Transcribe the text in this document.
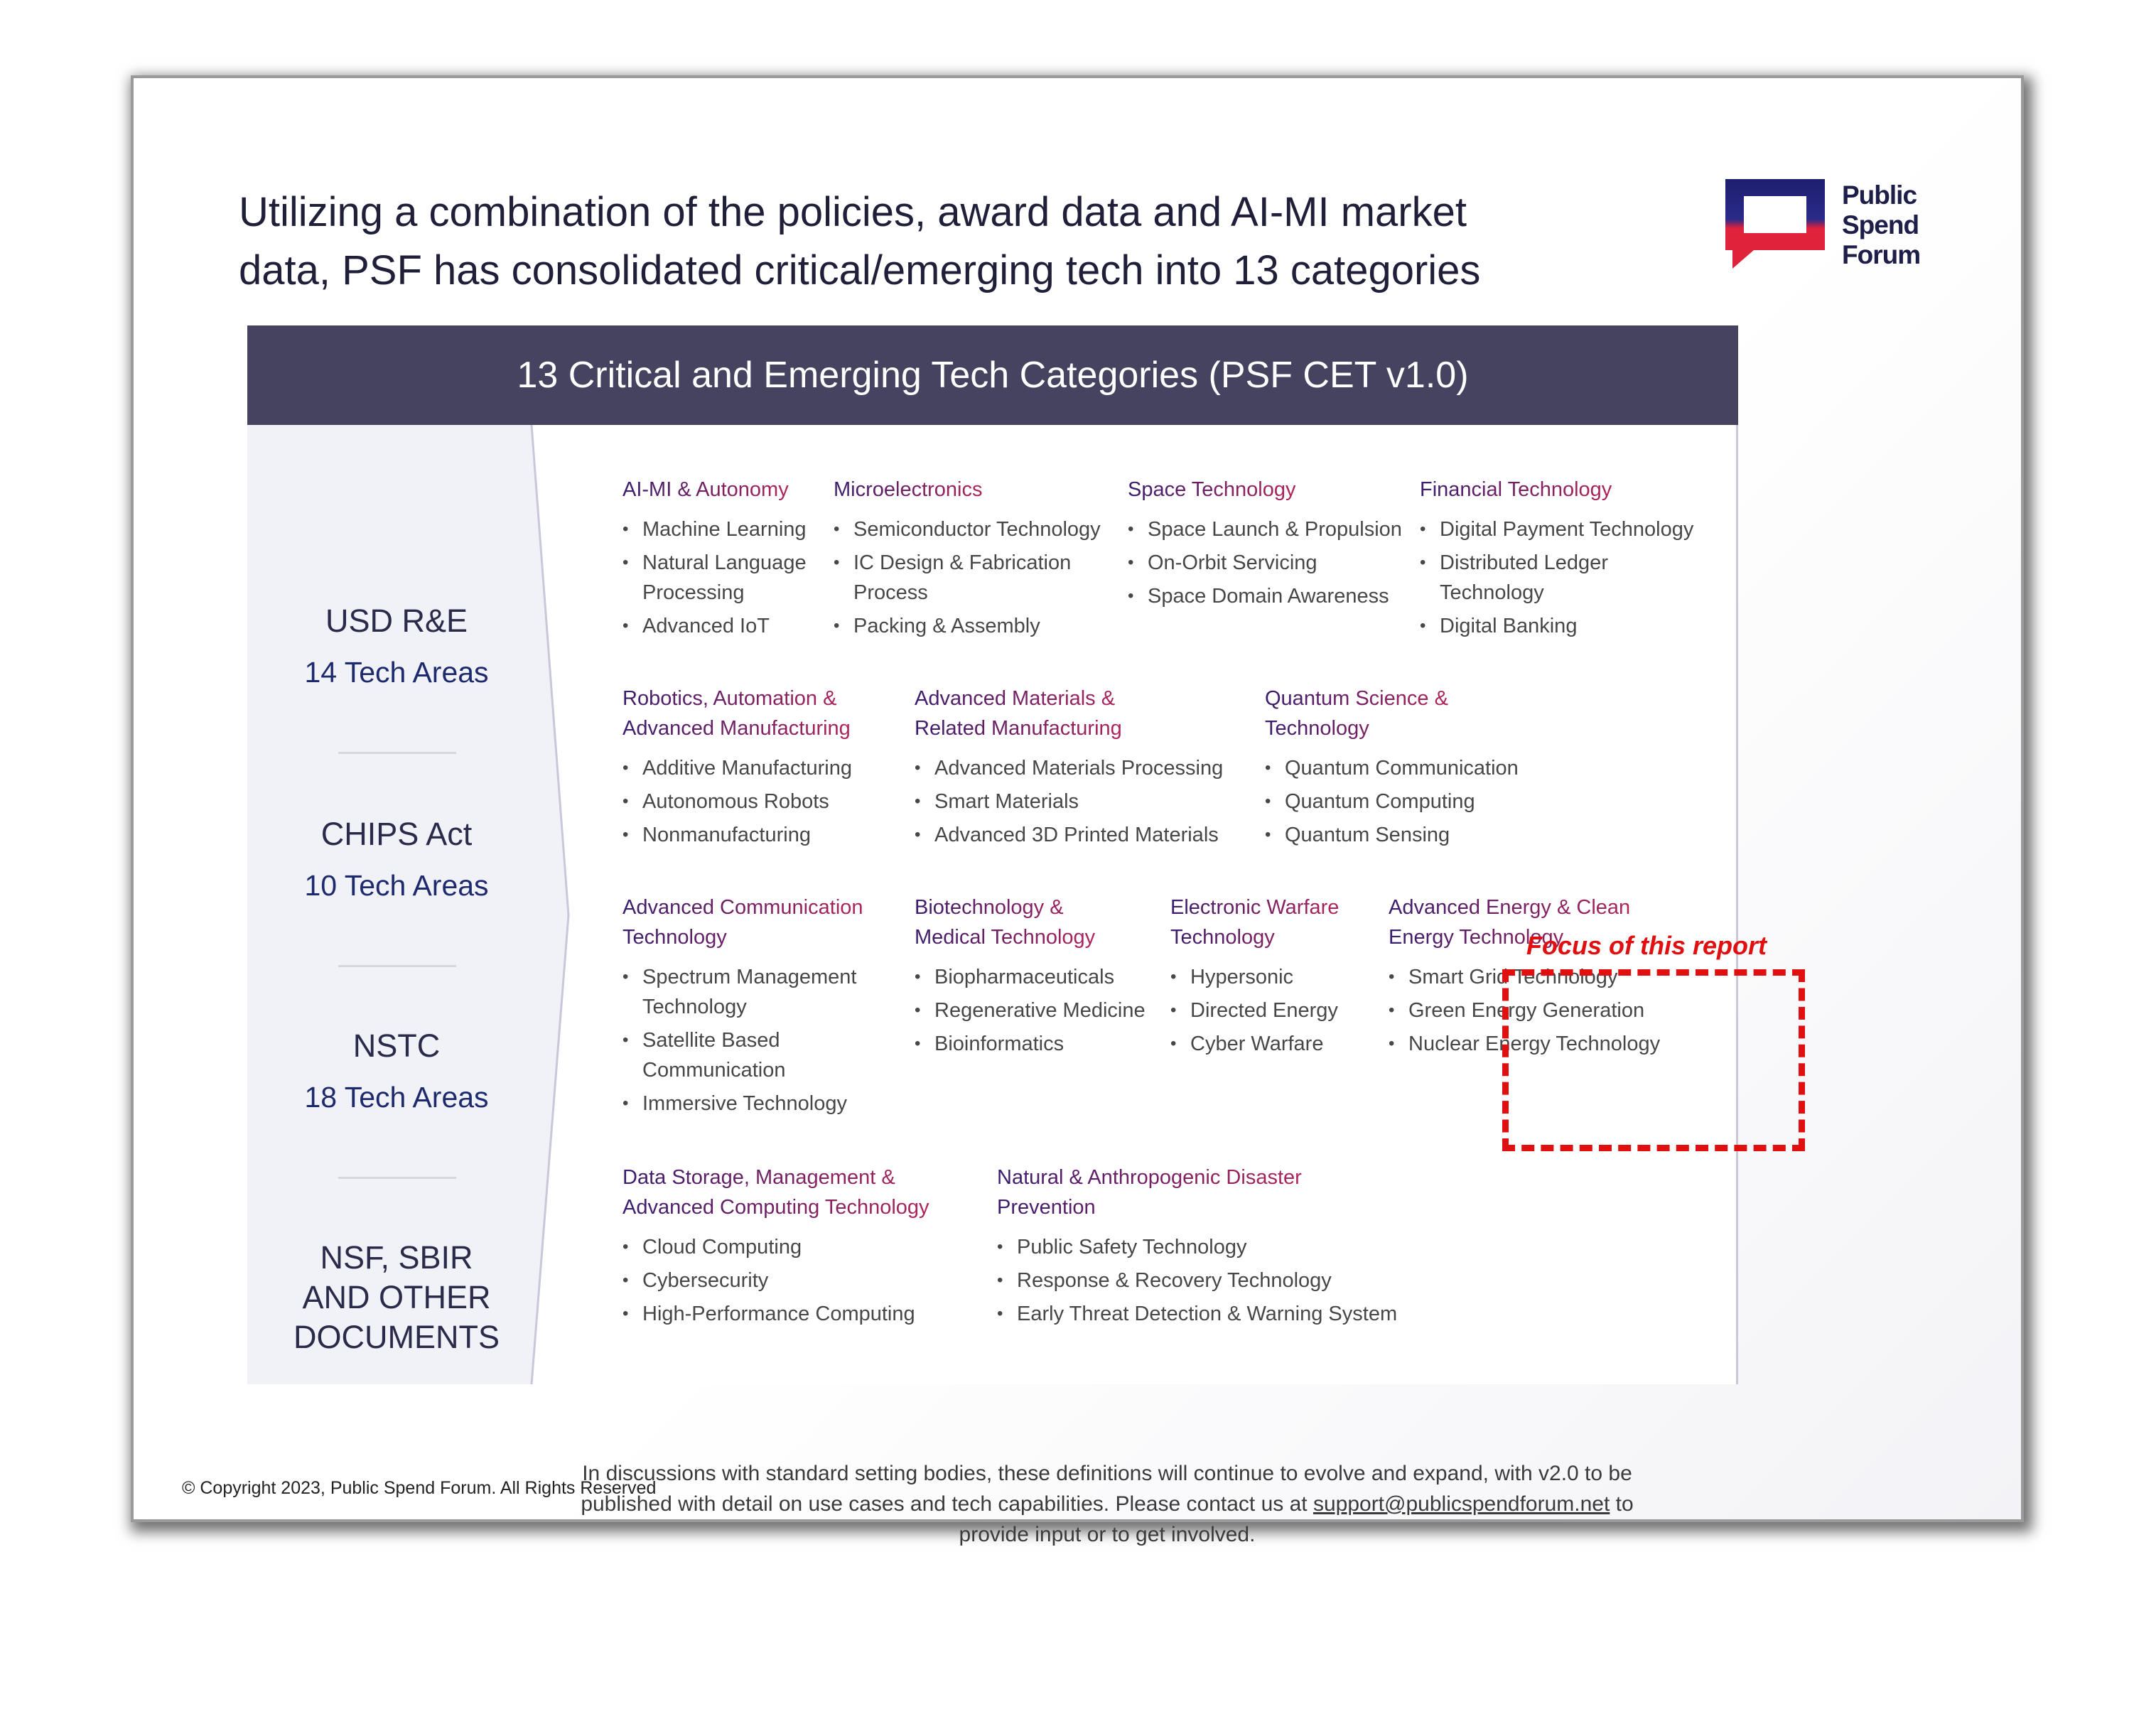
Utilizing a combination of the policies, award data and AI-MI market
data, PSF has consolidated critical/emerging tech into 13 categories
Public
Spend
Forum
13 Critical and Emerging Tech Categories (PSF CET v1.0)
USD R&E
14 Tech Areas
CHIPS Act
10 Tech Areas
NSTC
18 Tech Areas
NSF, SBIR
AND OTHER
DOCUMENTS
AI-MI & Autonomy

• Machine Learning
• Natural Language
Processing
• Advanced IoT
Microelectronics

• Semiconductor Technology
• IC Design & Fabrication
Process
• Packing & Assembly
Space Technology

• Space Launch & Propulsion
• On-Orbit Servicing
• Space Domain Awareness
Financial Technology

• Digital Payment Technology
• Distributed Ledger
Technology
• Digital Banking
Robotics, Automation &
Advanced Manufacturing

• Additive Manufacturing
• Autonomous Robots
• Nonmanufacturing
Advanced Materials &
Related Manufacturing

• Advanced Materials Processing
• Smart Materials
• Advanced 3D Printed Materials
Quantum Science &
Technology

• Quantum Communication
• Quantum Computing
• Quantum Sensing
Advanced Communication
Technology

• Spectrum Management
Technology
• Satellite Based
Communication
• Immersive Technology
Biotechnology &
Medical Technology

• Biopharmaceuticals
• Regenerative Medicine
• Bioinformatics
Electronic Warfare
Technology

• Hypersonic
• Directed Energy
• Cyber Warfare
Advanced Energy & Clean
Energy Technology

• Smart Grid Technology
• Green Energy Generation
• Nuclear Energy Technology
Data Storage, Management &
Advanced Computing Technology

• Cloud Computing
• Cybersecurity
• High-Performance Computing
Natural & Anthropogenic Disaster
Prevention

• Public Safety Technology
• Response & Recovery Technology
• Early Threat Detection & Warning System
Focus of this report
In discussions with standard setting bodies, these definitions will continue to evolve and expand, with v2.0 to be
published with detail on use cases and tech capabilities. Please contact us at support@publicspendforum.net to
provide input or to get involved.
© Copyright 2023, Public Spend Forum. All Rights Reserved
